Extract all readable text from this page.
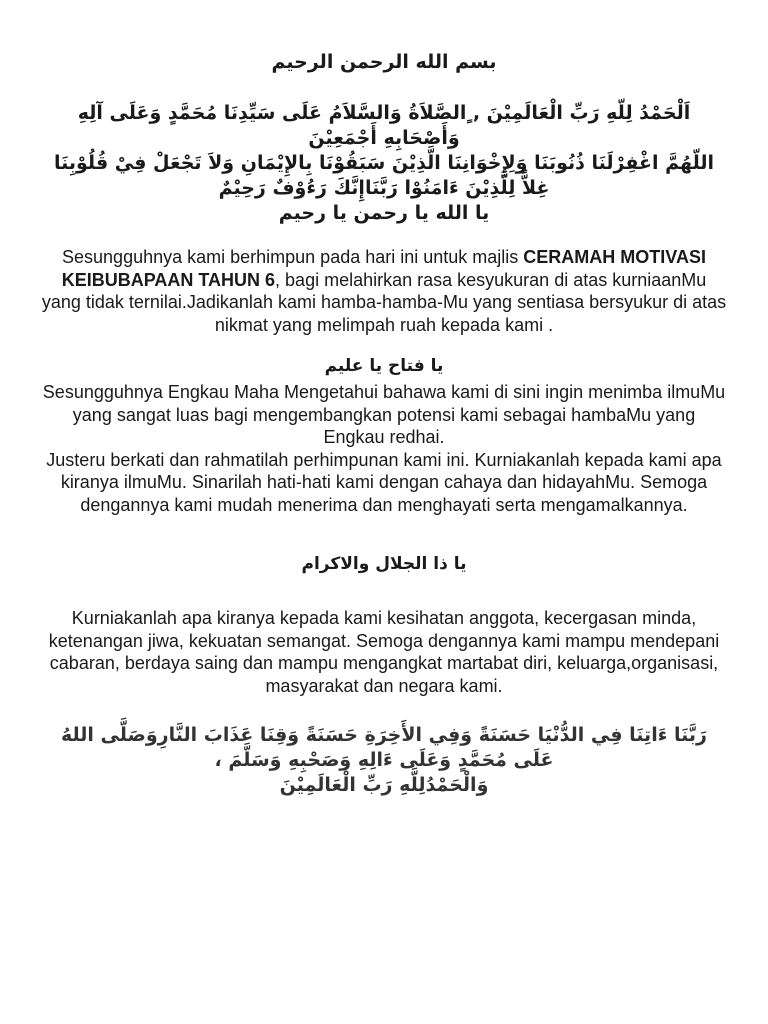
بسم الله الرحمن الرحيم

اَلْحَمْدُ لِلّهِ رَبِّ الْعَالَمِيْنَ , ٍالصَّلاَةُ وَالسَّلاَمُ عَلَى سَيِّدِنَا مُحَمَّدٍ وَعَلَى آلِهِ وَأَصْحَابِهِ أَجْمَعِيْنَ

اللّهُمَّ اغْفِرْلَنَا ذُنُوبَنَا وَلِإِخْوَانِنَا الَّذِيْنَ سَبَقُوْنَا بِالإِيْمَانِ وَلاَ تَجْعَلْ فِيْ قُلُوْبِنَا غِلاًّ لِلَّذِيْنَ ءَامَنُوْا رَبَّنَاإِنَّكَ رَءُوْفٌ رَحِيْمٌ

يا الله يا رحمن يا رحيم

Sesungguhnya kami berhimpun pada hari ini untuk majlis CERAMAH MOTIVASI KEIBUBAPAAN TAHUN 6, bagi melahirkan rasa kesyukuran di atas kurniaanMu yang tidak ternilai.Jadikanlah kami hamba-hamba-Mu yang sentiasa bersyukur di atas nikmat yang melimpah ruah kepada kami .

يا فتاح يا عليم

Sesungguhnya Engkau Maha Mengetahui bahawa kami di sini ingin menimba ilmuMu yang sangat luas bagi mengembangkan potensi kami sebagai hambaMu yang Engkau redhai.

Justeru berkati dan rahmatilah perhimpunan kami ini. Kurniakanlah kepada kami apa kiranya ilmuMu. Sinarilah hati-hati kami dengan cahaya dan hidayahMu. Semoga dengannya kami mudah menerima dan menghayati serta mengamalkannya.

يا ذا الجلال والاكرام

Kurniakanlah apa kiranya kepada kami kesihatan anggota, kecergasan minda, ketenangan jiwa, kekuatan semangat. Semoga dengannya kami mampu mendepani cabaran, berdaya saing dan mampu mengangkat martabat diri, keluarga,organisasi,

masyarakat dan negara kami.

رَبَّنَا ءَاتِنَا فِي الدُّنْيَا حَسَنَةً وَفِي الأَخِرَةِ حَسَنَةً وَقِنَا عَذَابَ النَّارِوَصَلَّى اللهُ عَلَى مُحَمَّدٍ وَعَلَى ءَالِهِ وَصَحْبِهِ وَسَلَّمَ ،

وَالْحَمْدُلِلَّهِ رَبِّ الْعَالَمِيْنَ
